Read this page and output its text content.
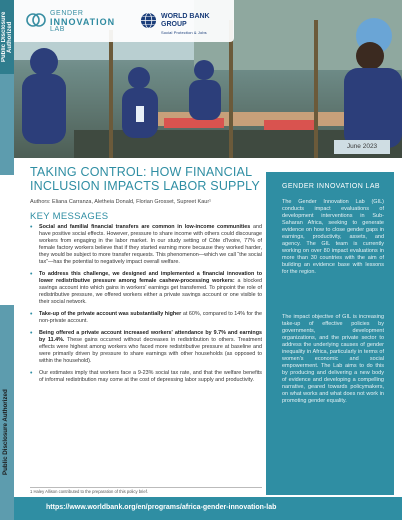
Public Disclosure Authorized
Public Disclosure Authorized
GENDER
INNOVATION
LAB
WORLD BANK GROUP
Social Protection & Jobs
June 2023
TAKING CONTROL: HOW FINANCIAL
INCLUSION IMPACTS LABOR SUPPLY
Authors: Eliana Carranza, Aletheia Donald, Florian Grosset, Supreet Kaur¹
KEY MESSAGES
• Social and familial financial transfers are common in low-income communities and have positive social effects. However, pressure to share income with others could discourage workers from engaging in the labor market. In our study setting of Côte d'Ivoire, 77% of female factory workers believe that if they started earning more because they worked harder, they would be subject to more transfer requests. This phenomenon—which we call “the social tax”—has the potential to negatively impact overall welfare.
• To address this challenge, we designed and implemented a financial innovation to lower redistributive pressure among female cashew-processing workers: a blocked savings account into which gains in workers' earnings get transferred. To pinpoint the role of redistributive pressure, we offered workers either a private savings account or one visible to their social network.
• Take-up of the private account was substantially higher at 60%, compared to 14% for the non-private account.
• Being offered a private account increased workers' attendance by 9.7% and earnings by 11.4%. These gains occurred without decreases in redistribution to others. Treatment effects were highest among workers who faced more redistributive pressure at baseline and were primarily driven by pressure to share earnings with other households (as opposed to within the household).
• Our estimates imply that workers face a 9-23% social tax rate, and that the welfare benefits of informal redistribution may come at the cost of depressing labor supply and productivity.
1 Haley Allison contributed to the preparation of this policy brief.
GENDER INNOVATION LAB
The Gender Innovation Lab (GIL) conducts impact evaluations of development interventions in Sub-Saharan Africa, seeking to generate evidence on how to close gender gaps in earnings, productivity, assets, and agency. The GIL team is currently working on over 80 impact evaluations in more than 30 countries with the aim of building an evidence base with lessons for the region.
The impact objective of GIL is increasing take-up of effective policies by governments, development organizations, and the private sector to address the underlying causes of gender inequality in Africa, particularly in terms of women's economic and social empowerment. The Lab aims to do this by producing and delivering a new body of evidence and developing a compelling narrative, geared towards policymakers, on what works and what does not work in promoting gender equality.
https://www.worldbank.org/en/programs/africa-gender-innovation-lab
